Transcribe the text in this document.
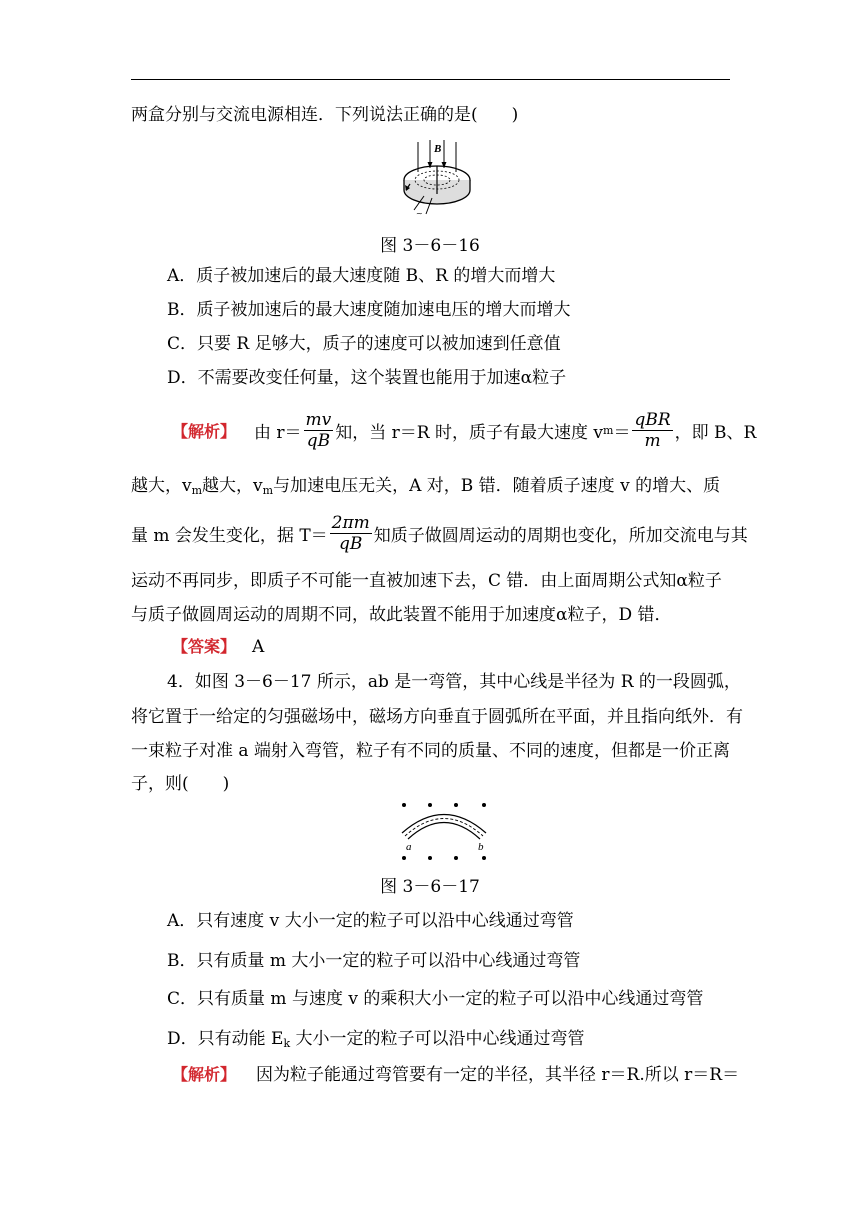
两盒分别与交流电源相连．下列说法正确的是(　　)
B
~
图 3－6－16
A．质子被加速后的最大速度随 B、R 的增大而增大
B．质子被加速后的最大速度随加速电压的增大而增大
C．只要 R 足够大，质子的速度可以被加速到任意值
D．不需要改变任何量，这个装置也能用于加速α粒子
【解析】 由 $r= \frac{mv}{qB}$ 知，当 r＝R 时，质子有最大速度 v $m = \frac{\text{qBR}}{m}$ ，即 B、R
越大，$v_m$越大，$v_m$与加速电压无关，A 对，B 错．随着质子速度 v 的增大、质
量 m 会发生变化，据 $T= \frac{2\pi m}{qB}$ 知质子做圆周运动的周期也变化，所加交流电与其
运动不再同步，即质子不可能一直被加速下去，C 错．由上面周期公式知α粒子
与质子做圆周运动的周期不同，故此装置不能用于加速度α粒子，D 错．
【答案】 A
4．如图 3－6－17 所示，ab 是一弯管，其中心线是半径为 R 的一段圆弧，
将它置于一给定的匀强磁场中，磁场方向垂直于圆弧所在平面，并且指向纸外．有
一束粒子对准 a 端射入弯管，粒子有不同的质量、不同的速度，但都是一价正离
子，则(　　)
a	b
图 3－6－17
A．只有速度 v 大小一定的粒子可以沿中心线通过弯管
B．只有质量 m 大小一定的粒子可以沿中心线通过弯管
C．只有质量 m 与速度 v 的乘积大小一定的粒子可以沿中心线通过弯管
D．只有动能 $E_k$ 大小一定的粒子可以沿中心线通过弯管
【解析】 因为粒子能通过弯管要有一定的半径，其半径 r＝R.所以 r＝R＝
